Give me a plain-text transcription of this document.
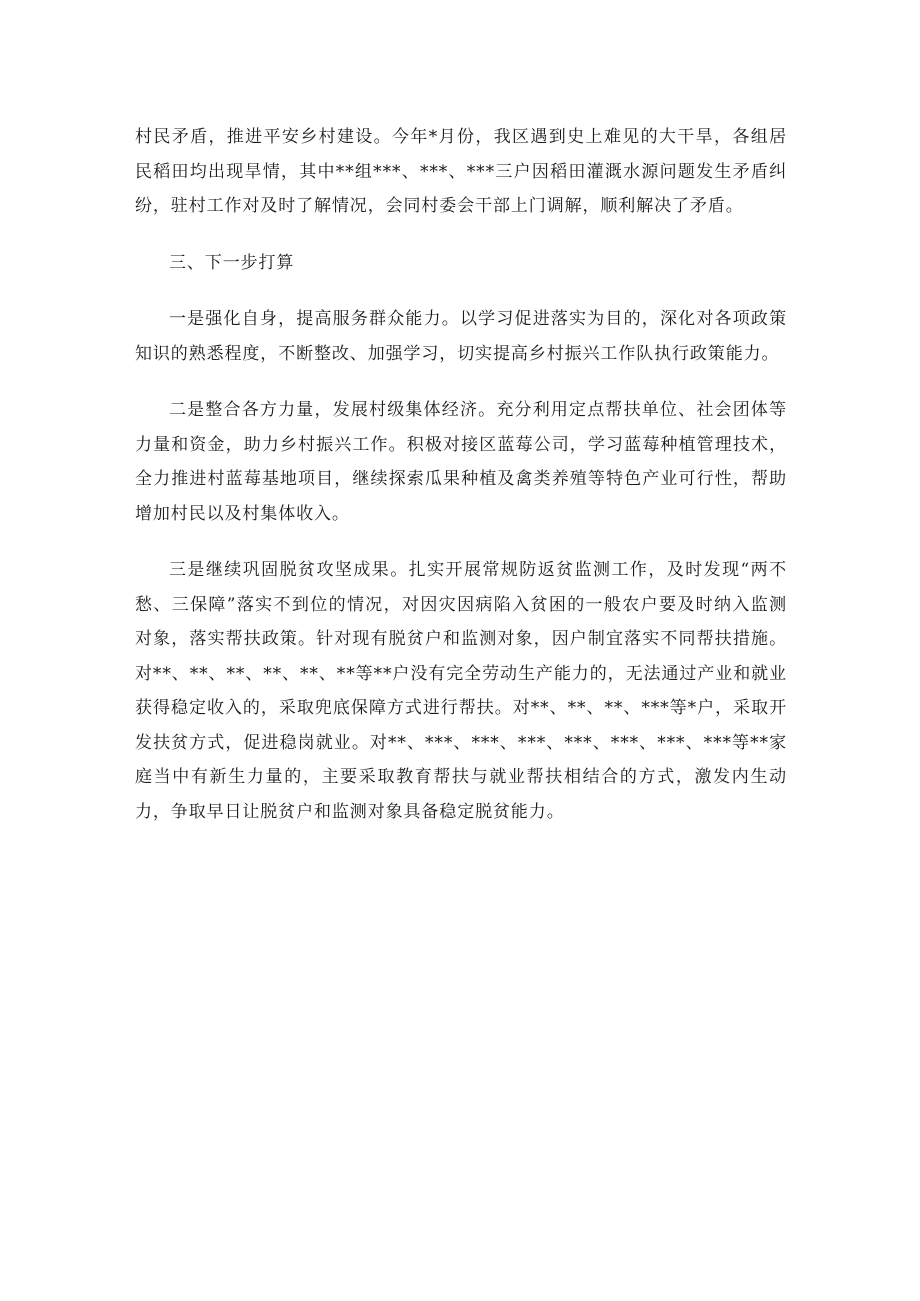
村民矛盾，推进平安乡村建设。今年*月份，我区遇到史上难见的大干旱，各组居民稻田均出现旱情，其中**组***、***、***三户因稻田灌溉水源问题发生矛盾纠纷，驻村工作对及时了解情况，会同村委会干部上门调解，顺利解决了矛盾。

三、下一步打算

一是强化自身，提高服务群众能力。以学习促进落实为目的，深化对各项政策知识的熟悉程度，不断整改、加强学习，切实提高乡村振兴工作队执行政策能力。

二是整合各方力量，发展村级集体经济。充分利用定点帮扶单位、社会团体等力量和资金，助力乡村振兴工作。积极对接区蓝莓公司，学习蓝莓种植管理技术，全力推进村蓝莓基地项目，继续探索瓜果种植及禽类养殖等特色产业可行性，帮助增加村民以及村集体收入。

三是继续巩固脱贫攻坚成果。扎实开展常规防返贫监测工作，及时发现“两不愁、三保障”落实不到位的情况，对因灾因病陷入贫困的一般农户要及时纳入监测对象，落实帮扶政策。针对现有脱贫户和监测对象，因户制宜落实不同帮扶措施。对**、**、**、**、**、**等**户没有完全劳动生产能力的，无法通过产业和就业获得稳定收入的，采取兜底保障方式进行帮扶。对**、**、**、***等*户，采取开发扶贫方式，促进稳岗就业。对**、***、***、***、***、***、***、***等**家庭当中有新生力量的，主要采取教育帮扶与就业帮扶相结合的方式，激发内生动力，争取早日让脱贫户和监测对象具备稳定脱贫能力。
